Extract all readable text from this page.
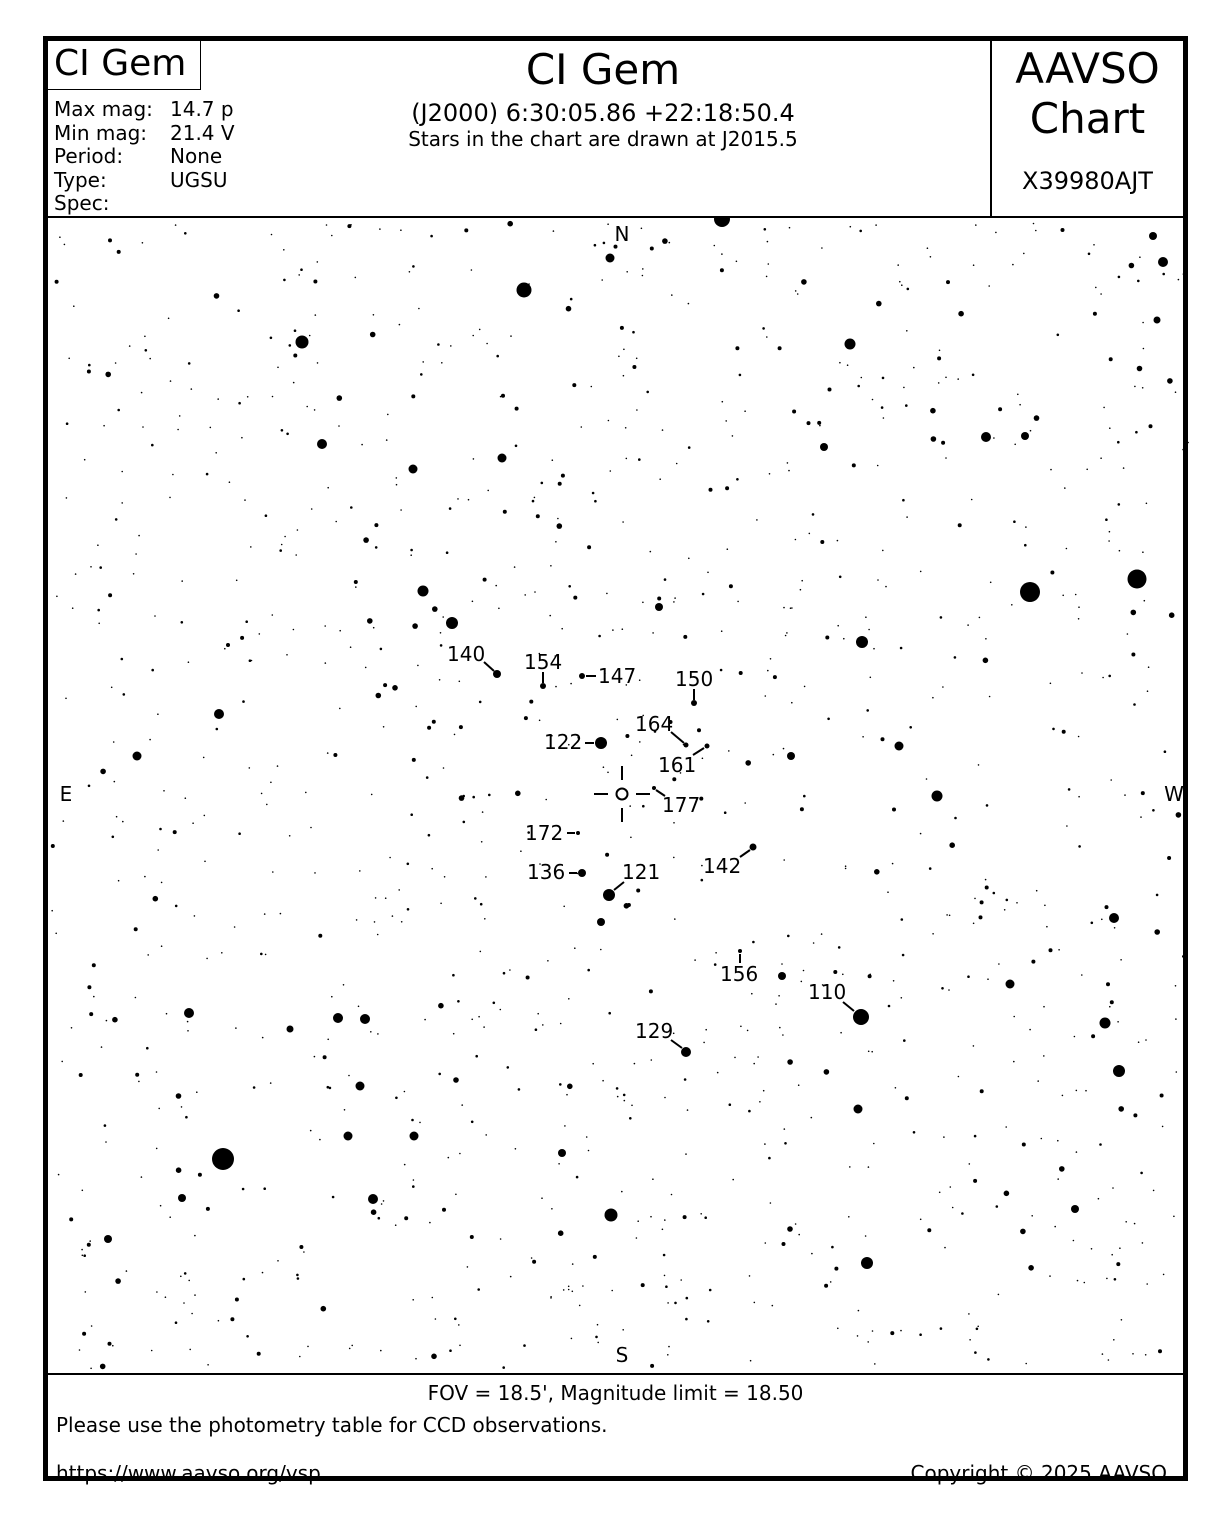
CI Gem
Max mag: 14.7 p
Min mag:	21.4 V
Period:	None
Type:	UGSU
Spec:
CI Gem
(J2000) 6:30:05.86 +22:18:50.4
Stars in the chart are drawn at J2015.5
AAVSO
Chart
X39980AJT
140 154
147 150
164
122
161
177
172
142
136	121
156
110
129
N
S
E	W
FOV = 18.5', Magnitude limit = 18.50
Please use the photometry table for CCD observations.
https://www.aavso.org/vsp	Copyright © 2025 AAVSO
